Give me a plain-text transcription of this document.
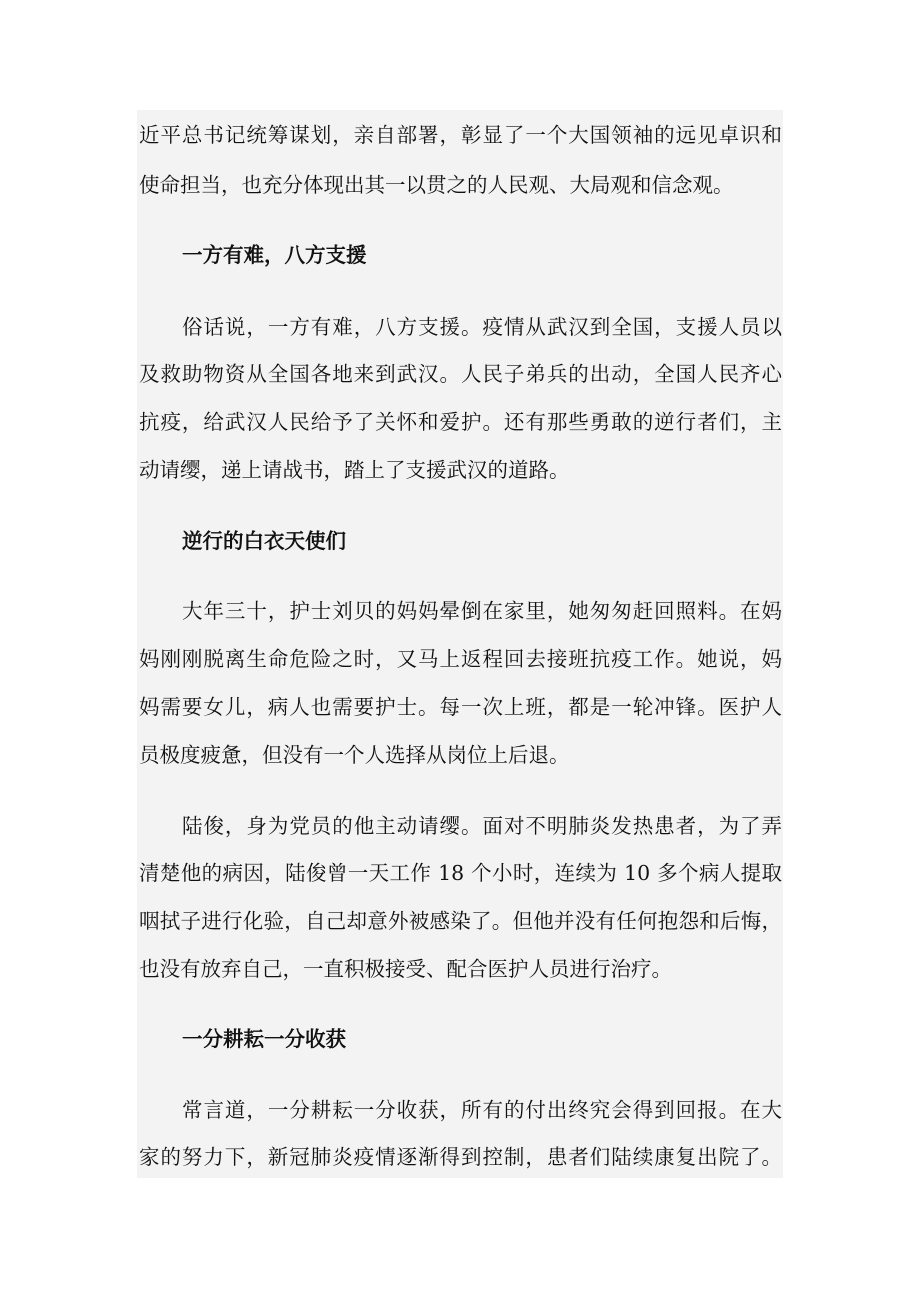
近平总书记统筹谋划，亲自部署，彰显了一个大国领袖的远见卓识和
使命担当，也充分体现出其一以贯之的人民观、大局观和信念观。
一方有难，八方支援
俗话说，一方有难，八方支援。疫情从武汉到全国，支援人员以
及救助物资从全国各地来到武汉。人民子弟兵的出动，全国人民齐心
抗疫，给武汉人民给予了关怀和爱护。还有那些勇敢的逆行者们，主
动请缨，递上请战书，踏上了支援武汉的道路。
逆行的白衣天使们
大年三十，护士刘贝的妈妈晕倒在家里，她匆匆赶回照料。在妈
妈刚刚脱离生命危险之时，又马上返程回去接班抗疫工作。她说，妈
妈需要女儿，病人也需要护士。每一次上班，都是一轮冲锋。医护人
员极度疲惫，但没有一个人选择从岗位上后退。
陆俊，身为党员的他主动请缨。面对不明肺炎发热患者，为了弄
清楚他的病因，陆俊曾一天工作 18 个小时，连续为 10 多个病人提取
咽拭子进行化验，自己却意外被感染了。但他并没有任何抱怨和后悔，
也没有放弃自己，一直积极接受、配合医护人员进行治疗。
一分耕耘一分收获
常言道，一分耕耘一分收获，所有的付出终究会得到回报。在大
家的努力下，新冠肺炎疫情逐渐得到控制，患者们陆续康复出院了。
